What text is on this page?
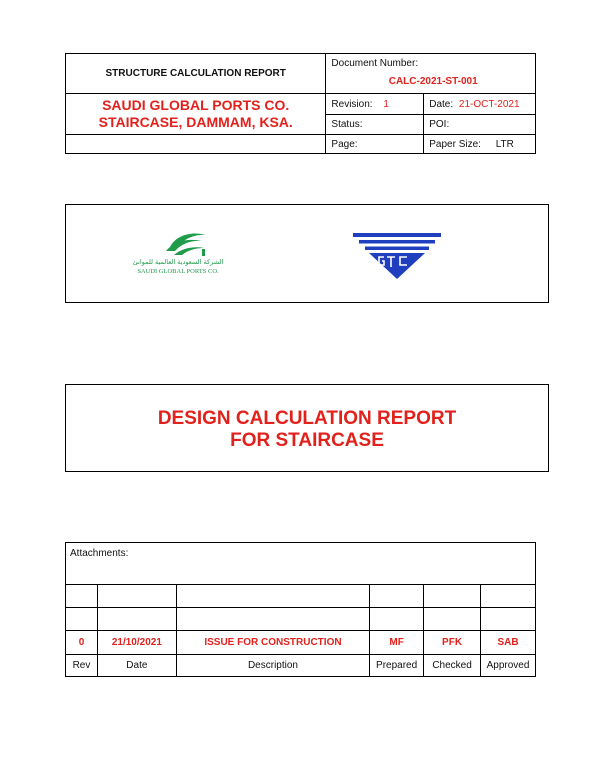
STRUCTURE CALCULATION REPORT	Document Number:
CALC-2021-ST-001	

SAUDI GLOBAL PORTS CO.
STAIRCASE, DAMMAM, KSA.	Revision: 1	Date: 21-OCT-2021
	Status:	POI:
	Page:	Paper Size: LTR
الشركة السعودية العالمية للموانئ
SAUDI GLOBAL PORTS CO.
GTC
DESIGN CALCULATION REPORT
FOR STAIRCASE
Attachments:					

0	21/10/2021	ISSUE FOR CONSTRUCTION	MF	PFK	SAB
Rev	Date	Description	Prepared	Checked	Approved
